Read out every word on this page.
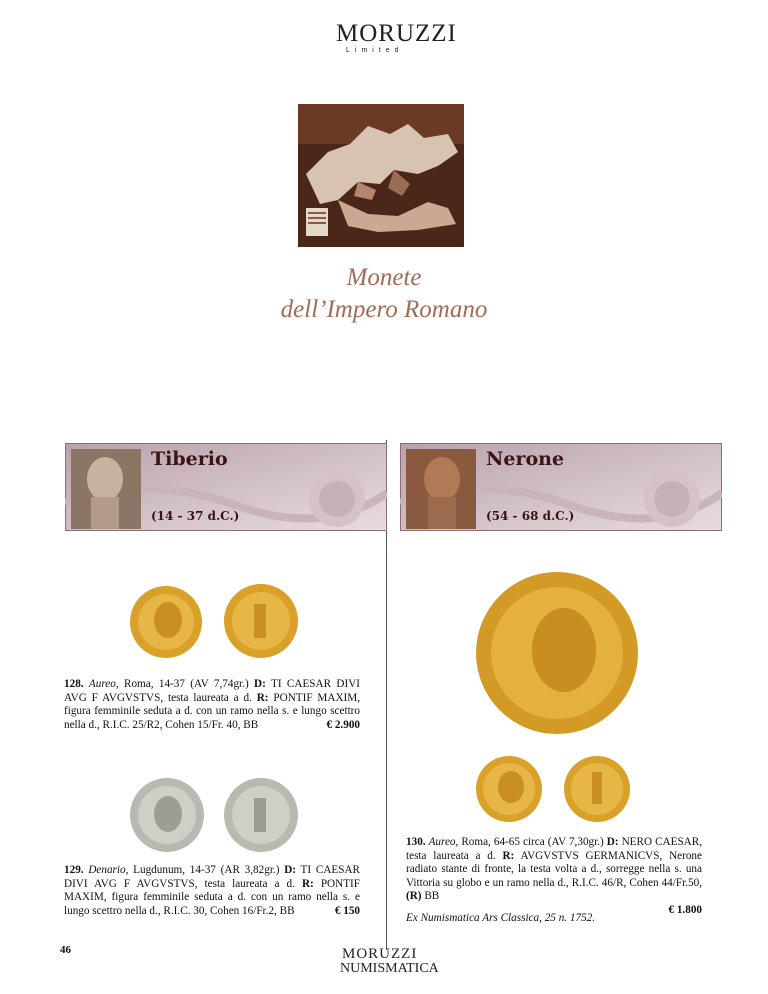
MORUZZI
Limited
Monete
dell’Impero Romano
Tiberio
(14 - 37 d.C.)
Nerone
(54 - 68 d.C.)
128. Aureo, Roma, 14-37 (AV 7,74gr.) D: TI CAESAR DIVI AVG F AVGVSTVS, testa laureata a d. R: PONTIF MAXIM, figura femminile seduta a d. con un ramo nella s. e lungo scettro nella d., R.I.C. 25/R2, Cohen 15/Fr. 40, BB	€ 2.900
129. Denario, Lugdunum, 14-37 (AR 3,82gr.) D: TI CAESAR DIVI AVG F AVGVSTVS, testa laureata a d. R: PONTIF MAXIM, figura femminile seduta a d. con un ramo nella s. e lungo scettro nella d., R.I.C. 30, Cohen 16/Fr.2, BB	€ 150
130. Aureo, Roma, 64-65 circa (AV 7,30gr.) D: NERO CAESAR, testa laureata a d. R: AVGVSTVS GERMANICVS, Nerone radiato stante di fronte, la testa volta a d., sorregge nella s. una Vittoria su globo e un ramo nella d., R.I.C. 46/R, Cohen 44/Fr.50, (R) BB

€ 1.800
Ex Numismatica Ars Classica, 25 n. 1752.
46	MORUZZI
NUMISMATICA
